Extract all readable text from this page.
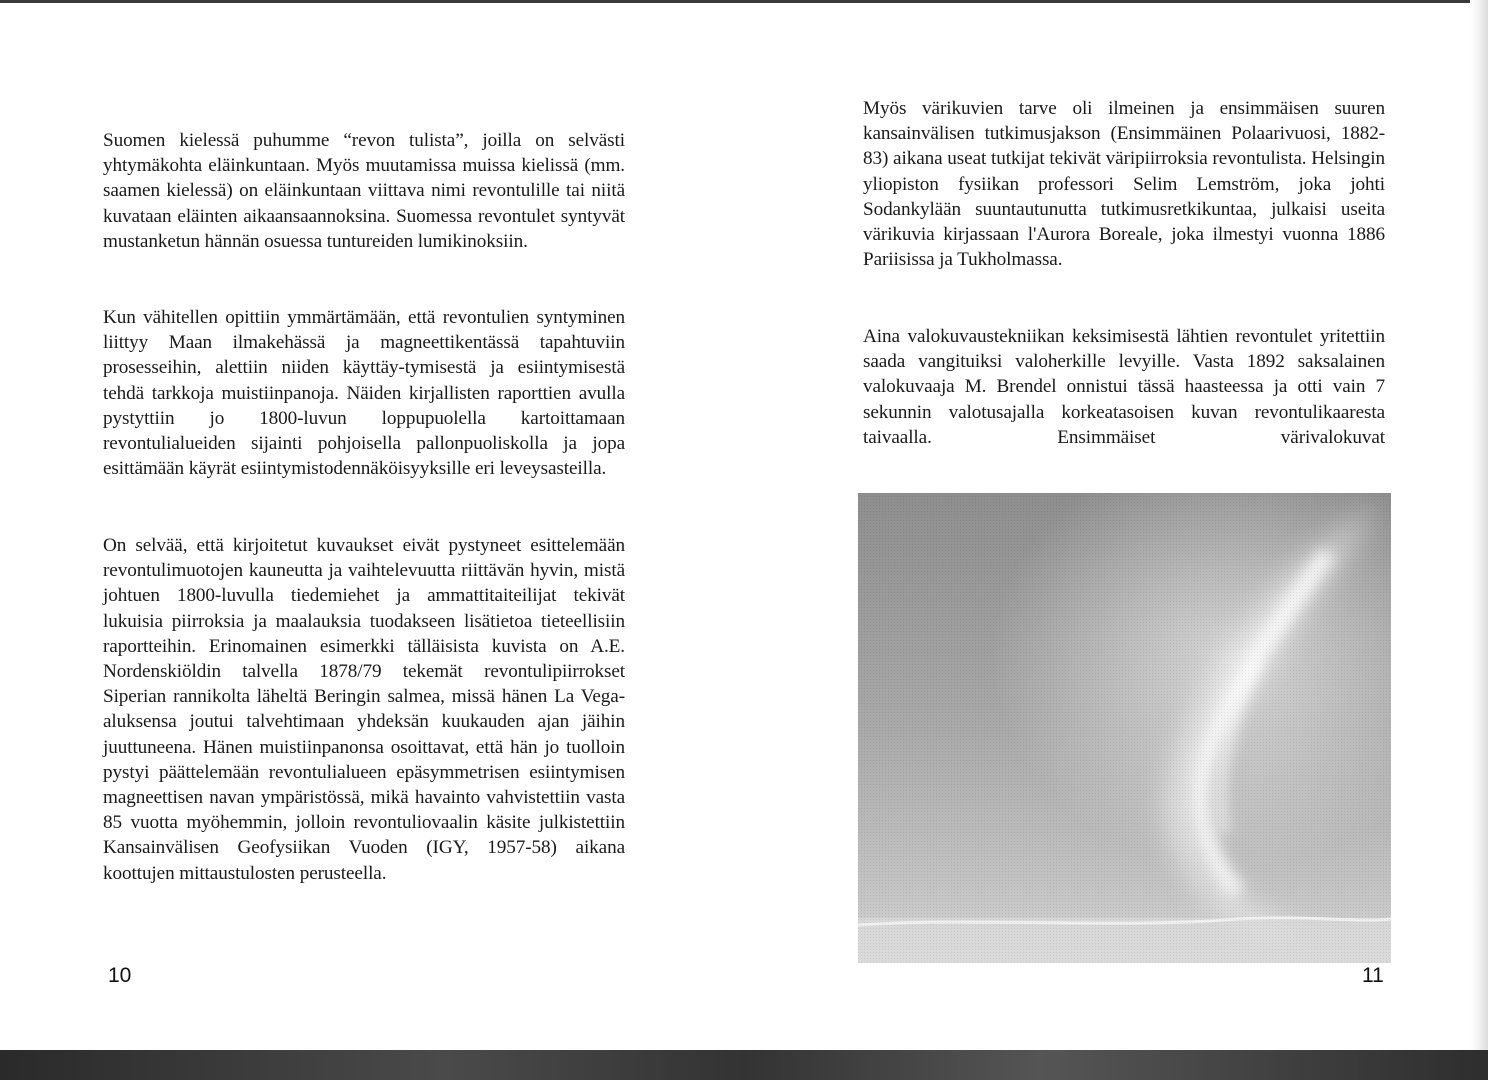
Suomen kielessä puhumme “revon tulista”, joilla on selvästi yhtymäkohta eläinkuntaan. Myös muutamissa muissa kielissä (mm. saamen kielessä) on eläinkuntaan viittava nimi revontulille tai niitä kuvataan eläinten aikaansaannoksina. Suomessa revontulet syntyvät mustanketun hännän osuessa tuntureiden lumikinoksiin.

Kun vähitellen opittiin ymmärtämään, että revontulien syntyminen liittyy Maan ilmakehässä ja magneettikentässä tapahtuviin prosesseihin, alettiin niiden käyttäy-tymisestä ja esiintymisestä tehdä tarkkoja muistiinpanoja. Näiden kirjallisten raporttien avulla pystyttiin jo 1800-luvun loppupuolella kartoittamaan revontulialueiden sijainti pohjoisella pallonpuoliskolla ja jopa esittämään käyrät esiintymistodennäköisyyksille eri leveysasteilla.

On selvää, että kirjoitetut kuvaukset eivät pystyneet esittelemään revontulimuotojen kauneutta ja vaihtelevuutta riittävän hyvin, mistä johtuen 1800-luvulla tiedemiehet ja ammattitaiteilijat tekivät lukuisia piirroksia ja maalauksia tuodakseen lisätietoa tieteellisiin raportteihin. Erinomainen esimerkki tälläisista kuvista on A.E. Nordenskiöldin talvella 1878/79 tekemät revontulipiirrokset Siperian rannikolta läheltä Beringin salmea, missä hänen La Vega-aluksensa joutui talvehtimaan yhdeksän kuukauden ajan jäihin juuttuneena. Hänen muistiinpanonsa osoittavat, että hän jo tuolloin pystyi päättelemään revontulialueen epäsymmetrisen esiintymisen magneettisen navan ympäristössä, mikä havainto vahvistettiin vasta 85 vuotta myöhemmin, jolloin revontuliovaalin käsite julkistettiin Kansainvälisen Geofysiikan Vuoden (IGY, 1957-58) aikana koottujen mittaustulosten perusteella.

10

Myös värikuvien tarve oli ilmeinen ja ensimmäisen suuren kansainvälisen tutkimusjakson (Ensimmäinen Polaarivuosi, 1882-83) aikana useat tutkijat tekivät väripiirroksia revontulista. Helsingin yliopiston fysiikan professori Selim Lemström, joka johti Sodankylään suuntautunutta tutkimusretkikuntaa, julkaisi useita värikuvia kirjassaan l'Aurora Boreale, joka ilmestyi vuonna 1886 Pariisissa ja Tukholmassa.

Aina valokuvaustekniikan keksimisestä lähtien revontulet yritettiin saada vangituiksi valoherkille levyille. Vasta 1892 saksalainen valokuvaaja M. Brendel onnistui tässä haasteessa ja otti vain 7 sekunnin valotusajalla korkeatasoisen kuvan revontulikaaresta taivaalla. Ensimmäiset värivalokuvat

11
